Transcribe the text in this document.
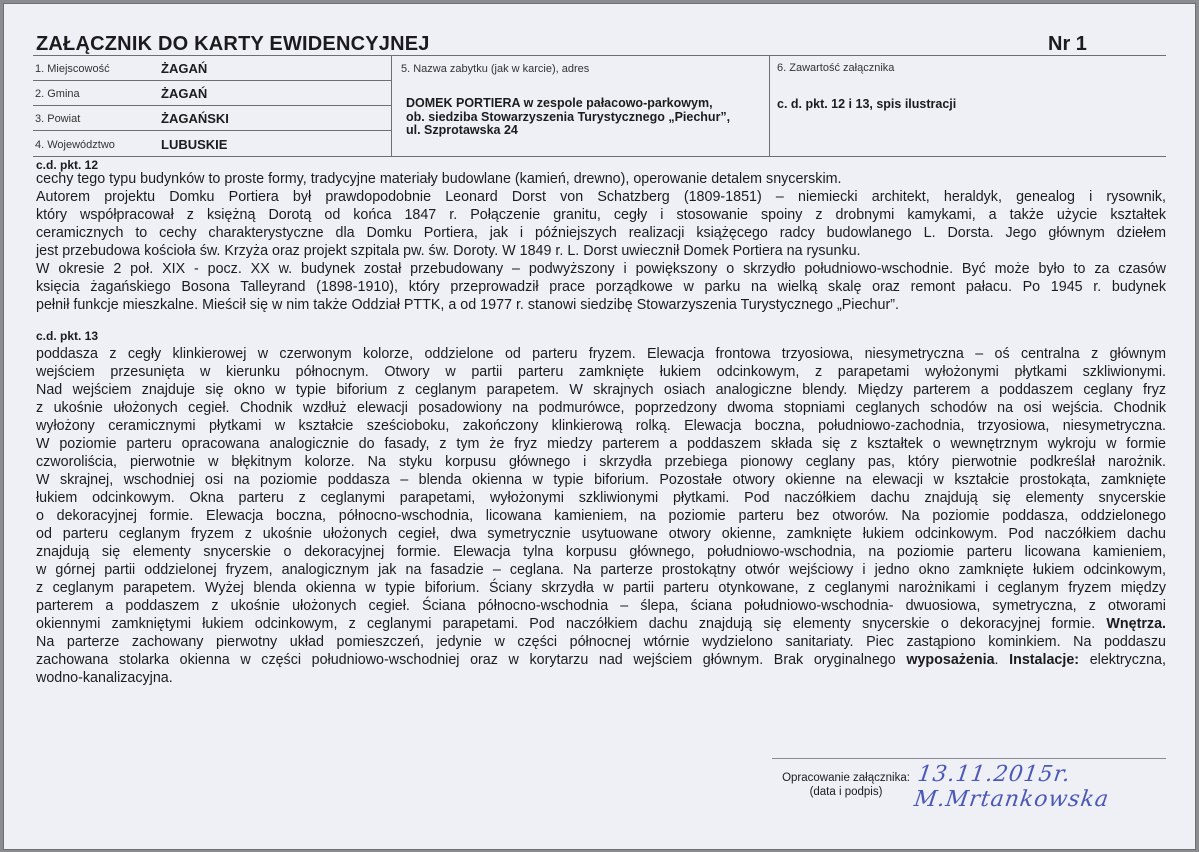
ZAŁĄCZNIK DO KARTY EWIDENCYJNEJ	Nr 1
1. Miejscowość	ŻAGAŃ
2. Gmina	ŻAGAŃ
3. Powiat	ŻAGAŃSKI
4. Województwo	LUBUSKIE
5. Nazwa zabytku (jak w karcie), adres
DOMEK PORTIERA w zespole pałacowo-parkowym,
ob. siedziba Stowarzyszenia Turystycznego „Piechur”,
ul. Szprotawska 24
6. Zawartość załącznika
c. d. pkt. 12 i 13, spis ilustracji
c.d. pkt. 12
cechy tego typu budynków to proste formy, tradycyjne materiały budowlane (kamień, drewno), operowanie detalem snycerskim.
Autorem projektu Domku Portiera był prawdopodobnie Leonard Dorst von Schatzberg (1809-1851) – niemiecki architekt, heraldyk, genealog i rysownik,
który współpracował z księżną Dorotą od końca 1847 r. Połączenie granitu, cegły i stosowanie spoiny z drobnymi kamykami, a także użycie kształtek
ceramicznych to cechy charakterystyczne dla Domku Portiera, jak i późniejszych realizacji książęcego radcy budowlanego L. Dorsta. Jego głównym dziełem
jest przebudowa kościoła św. Krzyża oraz projekt szpitala pw. św. Doroty. W 1849 r. L. Dorst uwiecznił Domek Portiera na rysunku.
W okresie 2 poł. XIX - pocz. XX w. budynek został przebudowany – podwyższony i powiększony o skrzydło południowo-wschodnie. Być może było to za czasów
księcia żagańskiego Bosona Talleyrand (1898-1910), który przeprowadził prace porządkowe w parku na wielką skalę oraz remont pałacu. Po 1945 r. budynek
pełnił funkcje mieszkalne. Mieścił się w nim także Oddział PTTK, a od 1977 r. stanowi siedzibę Stowarzyszenia Turystycznego „Piechur”.
c.d. pkt. 13
poddasza z cegły klinkierowej w czerwonym kolorze, oddzielone od parteru fryzem. Elewacja frontowa trzyosiowa, niesymetryczna – oś centralna z głównym
wejściem przesunięta w kierunku północnym. Otwory w partii parteru zamknięte łukiem odcinkowym, z parapetami wyłożonymi płytkami szkliwionymi.
Nad wejściem znajduje się okno w typie biforium z ceglanym parapetem. W skrajnych osiach analogiczne blendy. Między parterem a poddaszem ceglany fryz
z ukośnie ułożonych cegieł. Chodnik wzdłuż elewacji posadowiony na podmurówce, poprzedzony dwoma stopniami ceglanych schodów na osi wejścia. Chodnik
wyłożony ceramicznymi płytkami w kształcie sześcioboku, zakończony klinkierową rolką. Elewacja boczna, południowo-zachodnia, trzyosiowa, niesymetryczna.
W poziomie parteru opracowana analogicznie do fasady, z tym że fryz miedzy parterem a poddaszem składa się z kształtek o wewnętrznym wykroju w formie
czworoliścia, pierwotnie w błękitnym kolorze. Na styku korpusu głównego i skrzydła przebiega pionowy ceglany pas, który pierwotnie podkreślał narożnik.
W skrajnej, wschodniej osi na poziomie poddasza – blenda okienna w typie biforium. Pozostałe otwory okienne na elewacji w kształcie prostokąta, zamknięte
łukiem odcinkowym. Okna parteru z ceglanymi parapetami, wyłożonymi szkliwionymi płytkami. Pod naczółkiem dachu znajdują się elementy snycerskie
o dekoracyjnej formie. Elewacja boczna, północno-wschodnia, licowana kamieniem, na poziomie parteru bez otworów. Na poziomie poddasza, oddzielonego
od parteru ceglanym fryzem z ukośnie ułożonych cegieł, dwa symetrycznie usytuowane otwory okienne, zamknięte łukiem odcinkowym. Pod naczółkiem dachu
znajdują się elementy snycerskie o dekoracyjnej formie. Elewacja tylna korpusu głównego, południowo-wschodnia, na poziomie parteru licowana kamieniem,
w górnej partii oddzielonej fryzem, analogicznym jak na fasadzie – ceglana. Na parterze prostokątny otwór wejściowy i jedno okno zamknięte łukiem odcinkowym,
z ceglanym parapetem. Wyżej blenda okienna w typie biforium. Ściany skrzydła w partii parteru otynkowane, z ceglanymi narożnikami i ceglanym fryzem między
parterem a poddaszem z ukośnie ułożonych cegieł. Ściana północno-wschodnia – ślepa, ściana południowo-wschodnia- dwuosiowa, symetryczna, z otworami
okiennymi zamkniętymi łukiem odcinkowym, z ceglanymi parapetami. Pod naczółkiem dachu znajdują się elementy snycerskie o dekoracyjnej formie. Wnętrza.
Na parterze zachowany pierwotny układ pomieszczeń, jedynie w części północnej wtórnie wydzielono sanitariaty. Piec zastąpiono kominkiem. Na poddaszu
zachowana stolarka okienna w części południowo-wschodniej oraz w korytarzu nad wejściem głównym. Brak oryginalnego wyposażenia. Instalacje: elektryczna,
wodno-kanalizacyjna.
Opracowanie załącznika:
(data i podpis)
13.11.2015r. M.Mrtankowska
